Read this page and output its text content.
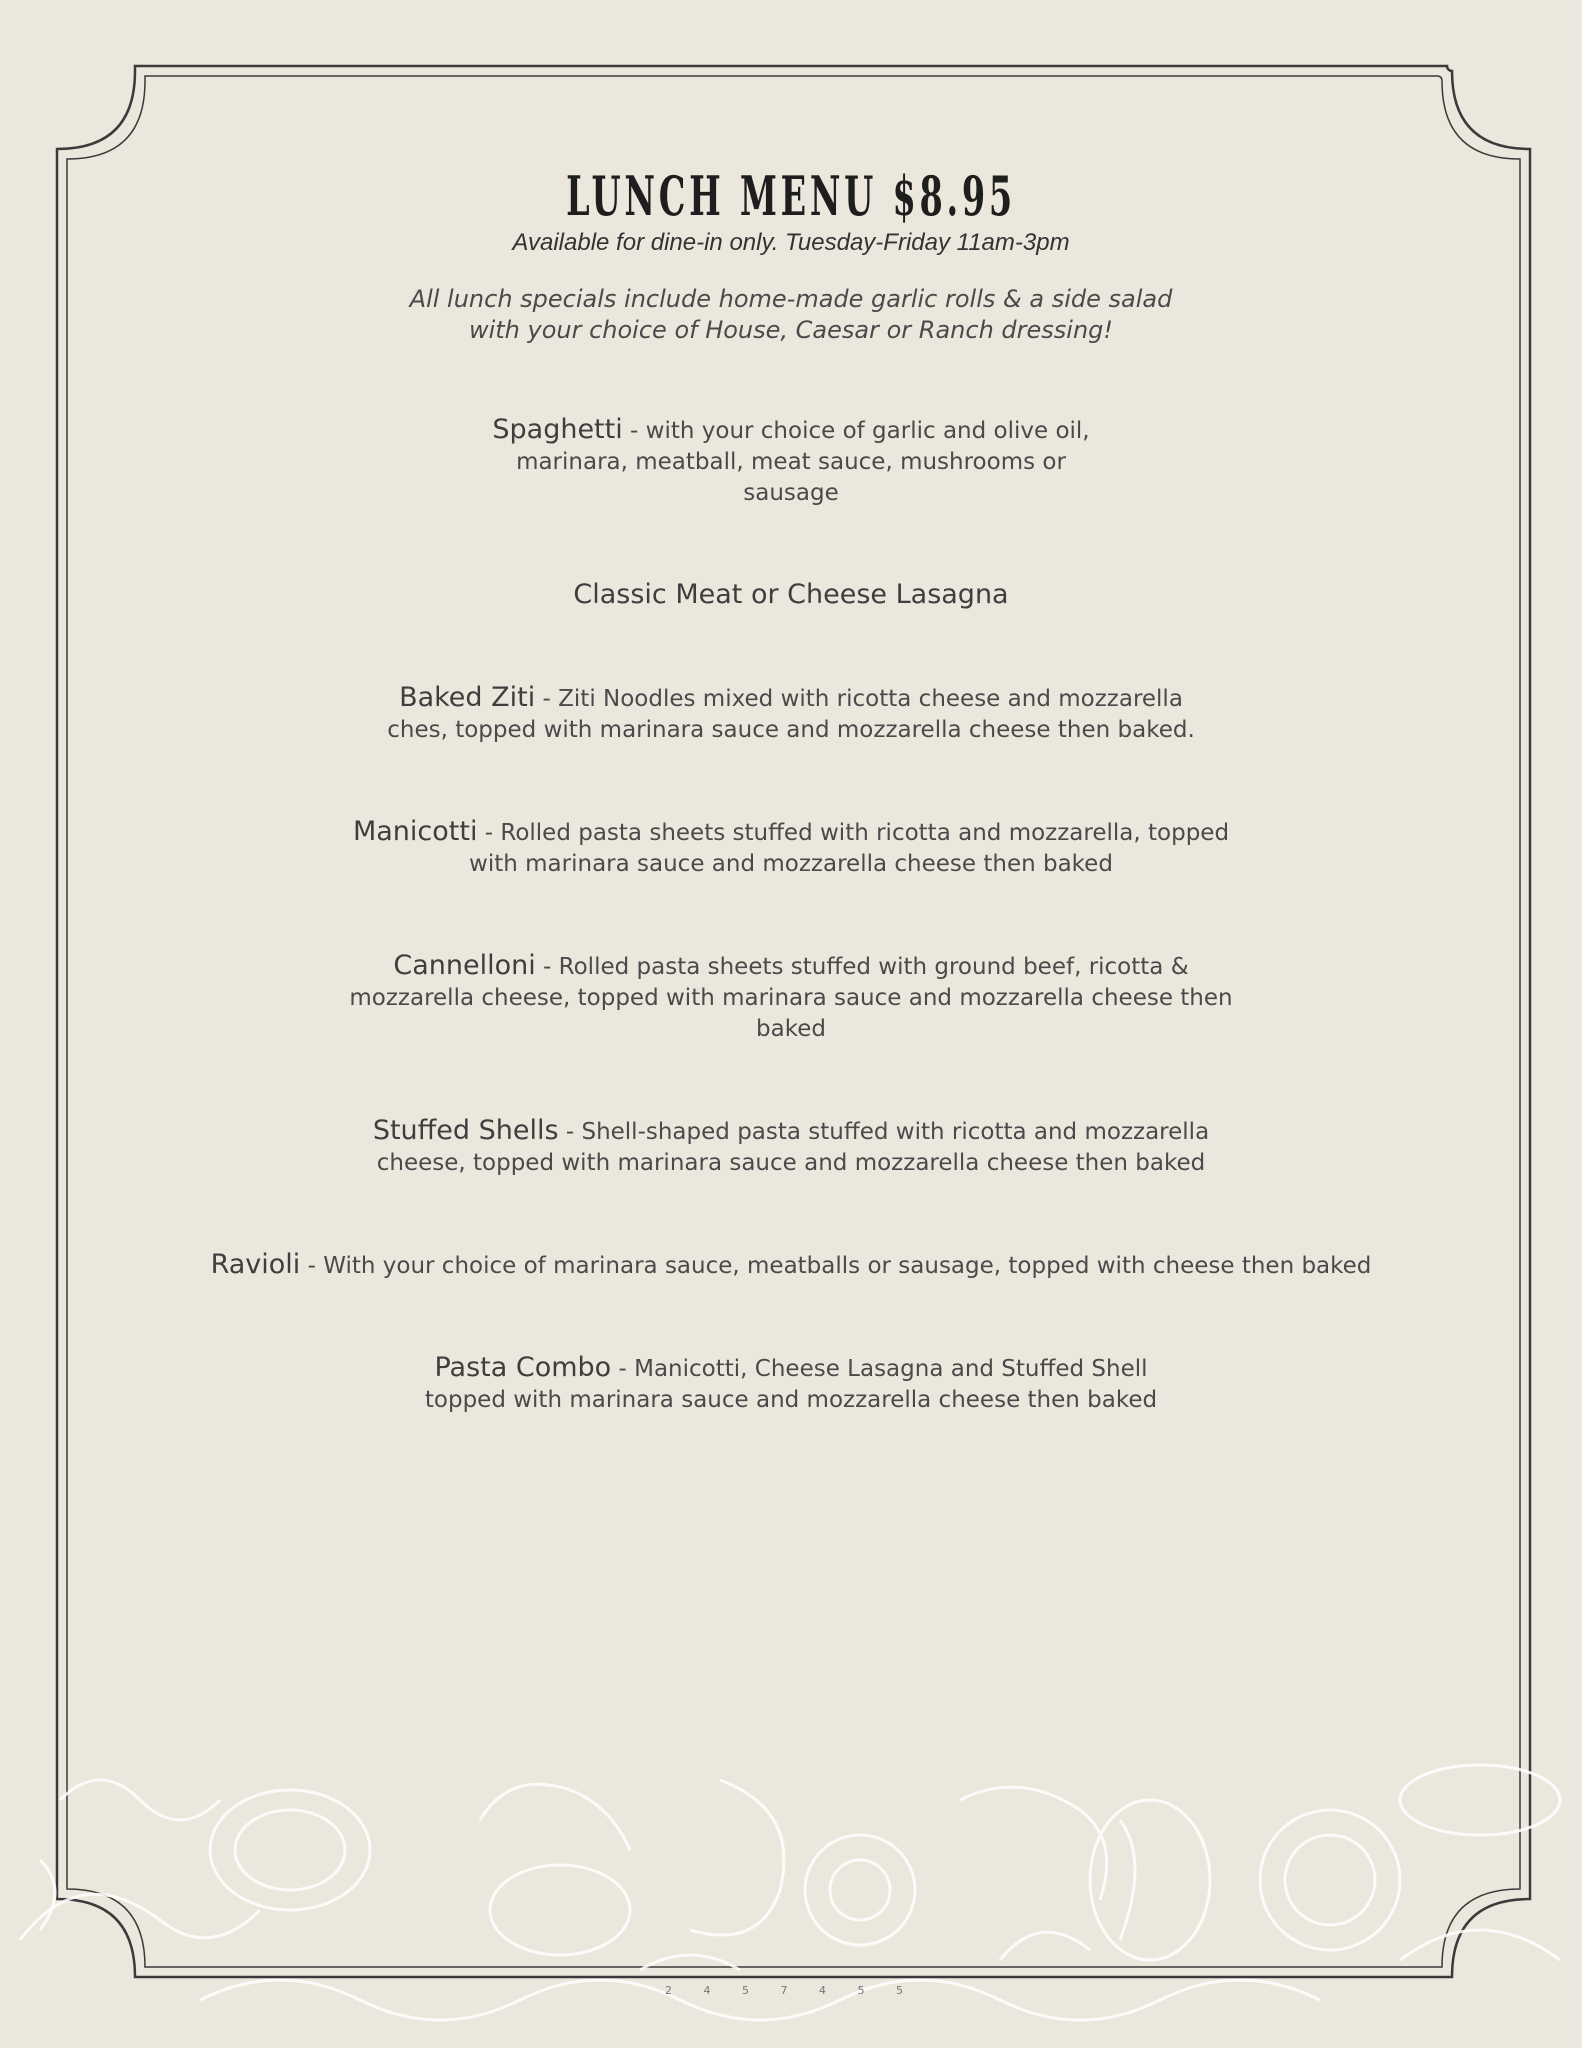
LUNCH MENU $8.95
Available for dine-in only. Tuesday-Friday 11am-3pm
All lunch specials include home-made garlic rolls & a side salad with your choice of House, Caesar or Ranch dressing!
Spaghetti - with your choice of garlic and olive oil, marinara, meatball, meat sauce, mushrooms or sausage
Classic Meat or Cheese Lasagna
Baked Ziti - Ziti Noodles mixed with ricotta cheese and mozzarella ches, topped with marinara sauce and mozzarella cheese then baked.
Manicotti - Rolled pasta sheets stuffed with ricotta and mozzarella, topped with marinara sauce and mozzarella cheese then baked
Cannelloni - Rolled pasta sheets stuffed with ground beef, ricotta & mozzarella cheese, topped with marinara sauce and mozzarella cheese then baked
Stuffed Shells - Shell-shaped pasta stuffed with ricotta and mozzarella cheese, topped with marinara sauce and mozzarella cheese then baked
Ravioli - With your choice of marinara sauce, meatballs or sausage, topped with cheese then baked
Pasta Combo - Manicotti, Cheese Lasagna and Stuffed Shell topped with marinara sauce and mozzarella cheese then baked
2 4 5 7 4 5 5
